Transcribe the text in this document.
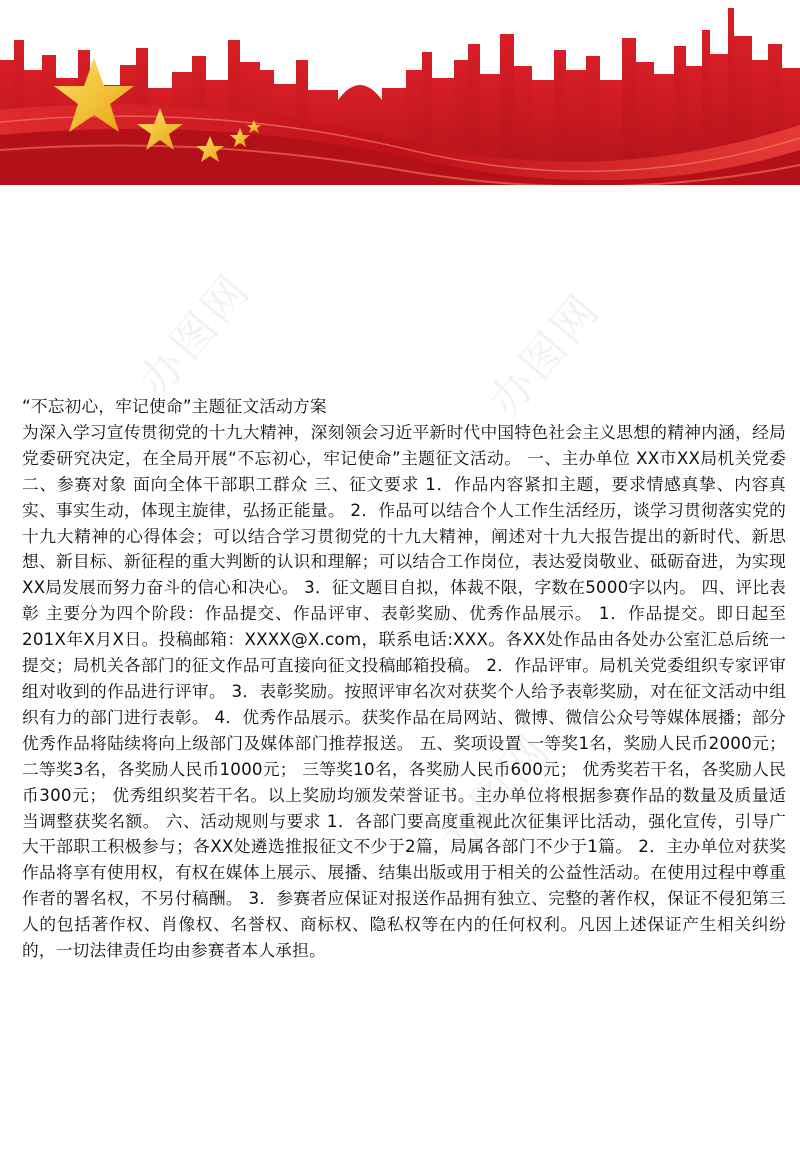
办图网	办图网
办图网
“不忘初心，牢记使命”主题征文活动方案
为深入学习宣传贯彻党的十九大精神，深刻领会习近平新时代中国特色社会主义思想的精神内涵，经局党委研究决定，在全局开展“不忘初心，牢记使命”主题征文活动。 一、主办单位 XX市XX局机关党委 二、参赛对象 面向全体干部职工群众 三、征文要求 1．作品内容紧扣主题，要求情感真挚、内容真实、事实生动，体现主旋律，弘扬正能量。 2．作品可以结合个人工作生活经历，谈学习贯彻落实党的十九大精神的心得体会；可以结合学习贯彻党的十九大精神，阐述对十九大报告提出的新时代、新思想、新目标、新征程的重大判断的认识和理解；可以结合工作岗位，表达爱岗敬业、砥砺奋进，为实现XX局发展而努力奋斗的信心和决心。 3．征文题目自拟，体裁不限，字数在5000字以内。 四、评比表彰 主要分为四个阶段：作品提交、作品评审、表彰奖励、优秀作品展示。 1．作品提交。即日起至201X年X月X日。投稿邮箱：XXXX@X.com，联系电话:XXX。各XX处作品由各处办公室汇总后统一提交；局机关各部门的征文作品可直接向征文投稿邮箱投稿。 2．作品评审。局机关党委组织专家评审组对收到的作品进行评审。 3．表彰奖励。按照评审名次对获奖个人给予表彰奖励，对在征文活动中组织有力的部门进行表彰。 4．优秀作品展示。获奖作品在局网站、微博、微信公众号等媒体展播；部分优秀作品将陆续将向上级部门及媒体部门推荐报送。 五、奖项设置 一等奖1名，奖励人民币2000元； 二等奖3名，各奖励人民币1000元； 三等奖10名，各奖励人民币600元； 优秀奖若干名，各奖励人民币300元； 优秀组织奖若干名。以上奖励均颁发荣誉证书。主办单位将根据参赛作品的数量及质量适当调整获奖名额。 六、活动规则与要求 1．各部门要高度重视此次征集评比活动，强化宣传，引导广大干部职工积极参与；各XX处遴选推报征文不少于2篇，局属各部门不少于1篇。 2．主办单位对获奖作品将享有使用权，有权在媒体上展示、展播、结集出版或用于相关的公益性活动。在使用过程中尊重作者的署名权，不另付稿酬。 3．参赛者应保证对报送作品拥有独立、完整的著作权，保证不侵犯第三人的包括著作权、肖像权、名誉权、商标权、隐私权等在内的任何权利。凡因上述保证产生相关纠纷的，一切法律责任均由参赛者本人承担。
